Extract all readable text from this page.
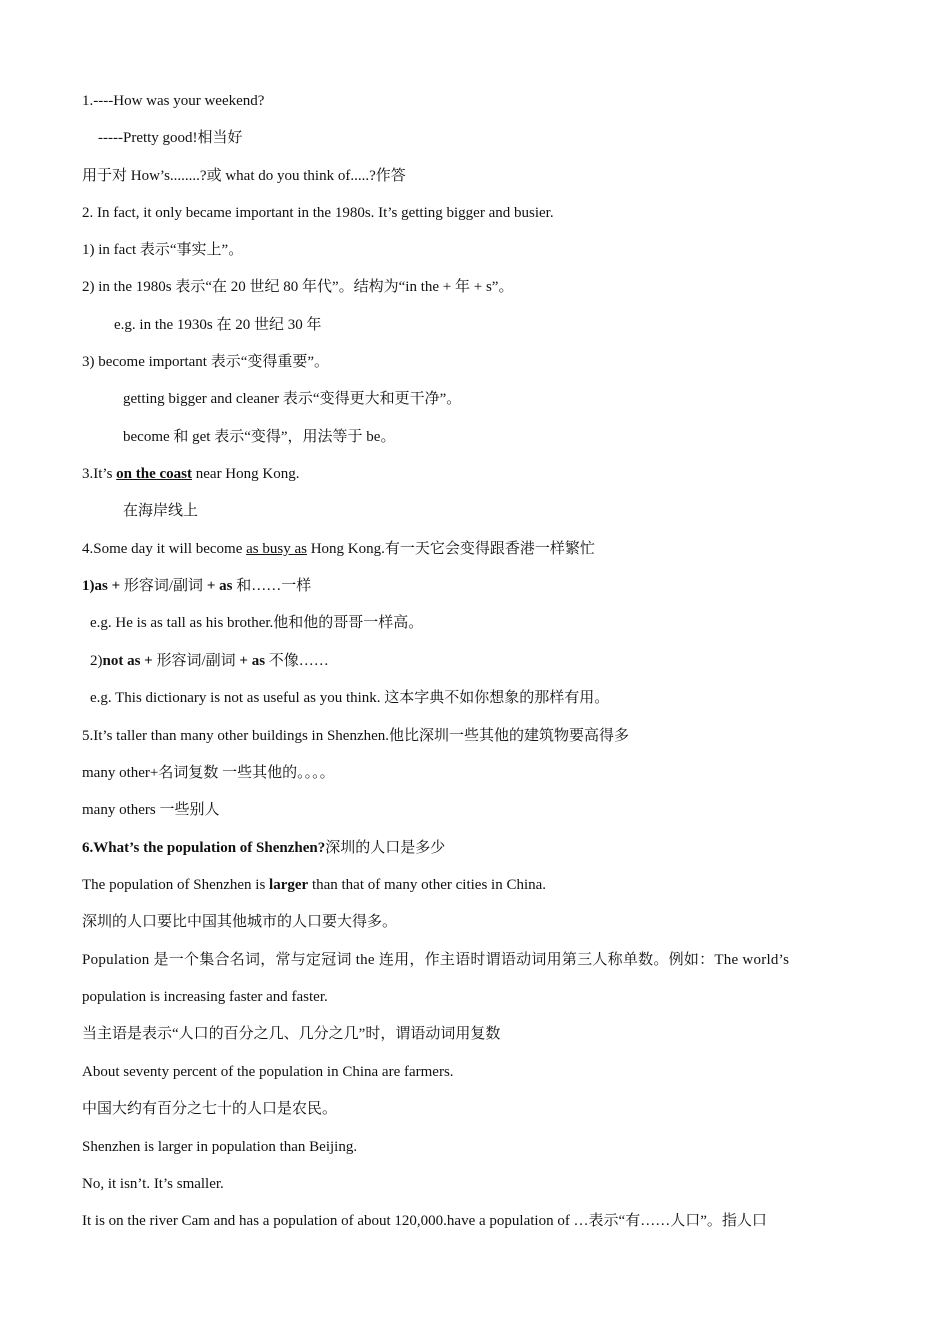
1.----How was your weekend?
-----Pretty good!相当好
用于对 How’s........?或 what do you think of.....?作答
2. In fact, it only became important in the 1980s. It’s getting bigger and busier.
1) in fact 表示“事实上”。
2) in the 1980s 表示“在 20 世纪 80 年代”。结构为“in the + 年 + s”。
e.g. in the 1930s 在 20 世纪 30 年
3) become important 表示“变得重要”。
getting bigger and cleaner 表示“变得更大和更干净”。
become 和 get 表示“变得”，用法等于 be。
3.It’s on the coast near Hong Kong.
在海岸线上
4.Some day it will become as busy as Hong Kong.有一天它会变得跟香港一样繁忙
1)as + 形容词/副词 + as 和……一样
e.g. He is as tall as his brother.他和他的哥哥一样高。
2)not as + 形容词/副词 + as 不像……
e.g. This dictionary is not as useful as you think. 这本字典不如你想象的那样有用。
5.It’s taller than many other buildings in Shenzhen.他比深圳一些其他的建筑物要高得多
many other+名词复数 一些其他的。。。。
many others 一些别人
6.What’s the population of Shenzhen?深圳的人口是多少
The population of Shenzhen is larger than that of many other cities in China.
深圳的人口要比中国其他城市的人口要大得多。
Population 是一个集合名词，常与定冠词 the 连用，作主语时谓语动词用第三人称单数。例如：The world’s
population is increasing faster and faster.
当主语是表示“人口的百分之几、几分之几”时，谓语动词用复数
About seventy percent of the population in China are farmers.
中国大约有百分之七十的人口是农民。
Shenzhen is larger in population than Beijing.
No, it isn’t. It’s smaller.
It is on the river Cam and has a population of about 120,000.have a population of …表示“有……人口”。指人口
